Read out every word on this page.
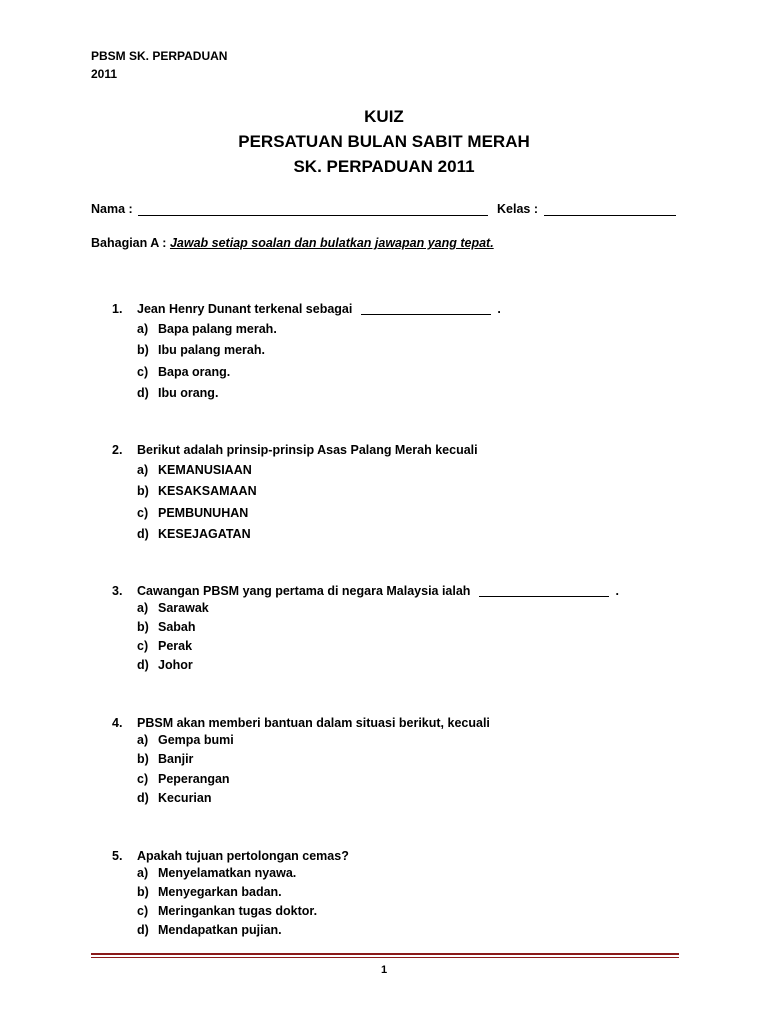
PBSM SK. PERPADUAN
2011
KUIZ
PERSATUAN BULAN SABIT MERAH
SK. PERPADUAN 2011
Nama :	Kelas :
Bahagian A : Jawab setiap soalan dan bulatkan jawapan yang tepat.
1.	Jean Henry Dunant terkenal sebagai	.
a) Bapa palang merah.
b) Ibu palang merah.
c) Bapa orang.
d) Ibu orang.
2.	Berikut adalah prinsip-prinsip Asas Palang Merah kecuali
a) KEMANUSIAAN
b) KESAKSAMAAN
c) PEMBUNUHAN
d) KESEJAGATAN
3.	Cawangan PBSM yang pertama di negara Malaysia ialah	.
a) Sarawak
b) Sabah
c) Perak
d) Johor
4.	PBSM akan memberi bantuan dalam situasi berikut, kecuali
a) Gempa bumi
b) Banjir
c) Peperangan
d) Kecurian
5.	Apakah tujuan pertolongan cemas?
a) Menyelamatkan nyawa.
b) Menyegarkan badan.
c) Meringankan tugas doktor.
d) Mendapatkan pujian.
1
